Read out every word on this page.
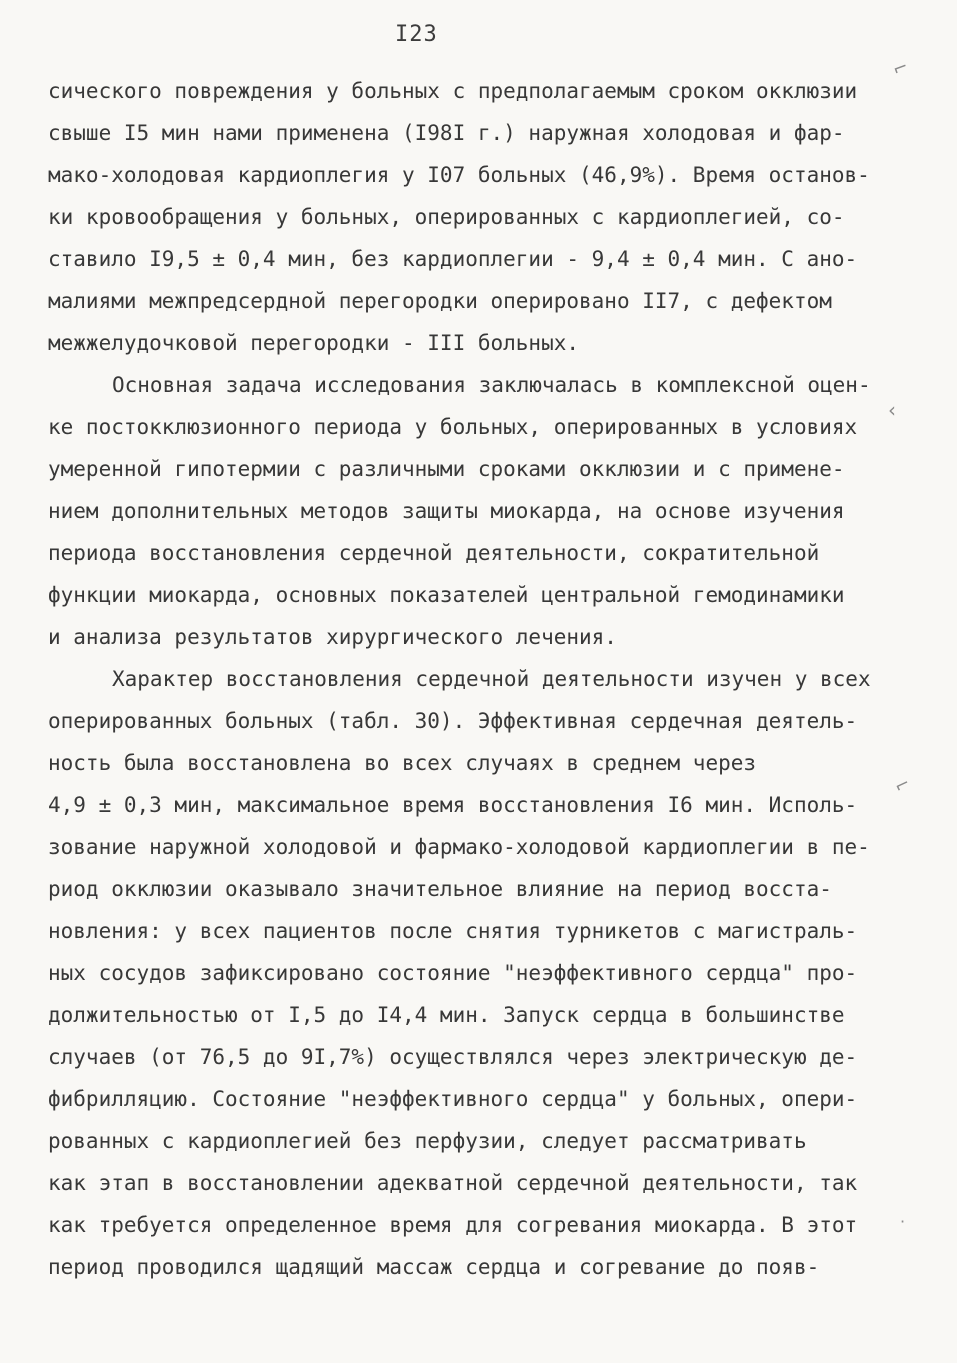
I23
сического повреждения у больных с предполагаемым сроком окклюзии
свыше I5 мин нами применена (I98I г.) наружная холодовая и фар-
мако-холодовая кардиоплегия у I07 больных (46,9%). Время останов-
ки кровообращения у больных, оперированных с кардиоплегией, со-
ставило I9,5 ± 0,4 мин, без кардиоплегии - 9,4 ± 0,4 мин. С ано-
малиями межпредсердной перегородки оперировано II7, с дефектом
межжелудочковой перегородки - III больных.
Основная задача исследования заключалась в комплексной оцен-
ке постокклюзионного периода у больных, оперированных в условиях
умеренной гипотермии с различными сроками окклюзии и с примене-
нием дополнительных методов защиты миокарда, на основе изучения
периода восстановления сердечной деятельности, сократительной
функции миокарда, основных показателей центральной гемодинамики
и анализа результатов хирургического лечения.
Характер восстановления сердечной деятельности изучен у всех
оперированных больных (табл. 30). Эффективная сердечная деятель-
ность была восстановлена во всех случаях в среднем через
4,9 ± 0,3 мин, максимальное время восстановления I6 мин. Исполь-
зование наружной холодовой и фармако-холодовой кардиоплегии в пе-
риод окклюзии оказывало значительное влияние на период восста-
новления: у всех пациентов после снятия турникетов с магистраль-
ных сосудов зафиксировано состояние "неэффективного сердца" про-
должительностью от I,5 до I4,4 мин. Запуск сердца в большинстве
случаев (от 76,5 до 9I,7%) осуществлялся через электрическую де-
фибрилляцию. Состояние "неэффективного сердца" у больных, опери-
рованных с кардиоплегией без перфузии, следует рассматривать
как этап в восстановлении адекватной сердечной деятельности, так
как требуется определенное время для согревания миокарда. В этот
период проводился щадящий массаж сердца и согревание до появ-
⌐
‹
⌐
·
